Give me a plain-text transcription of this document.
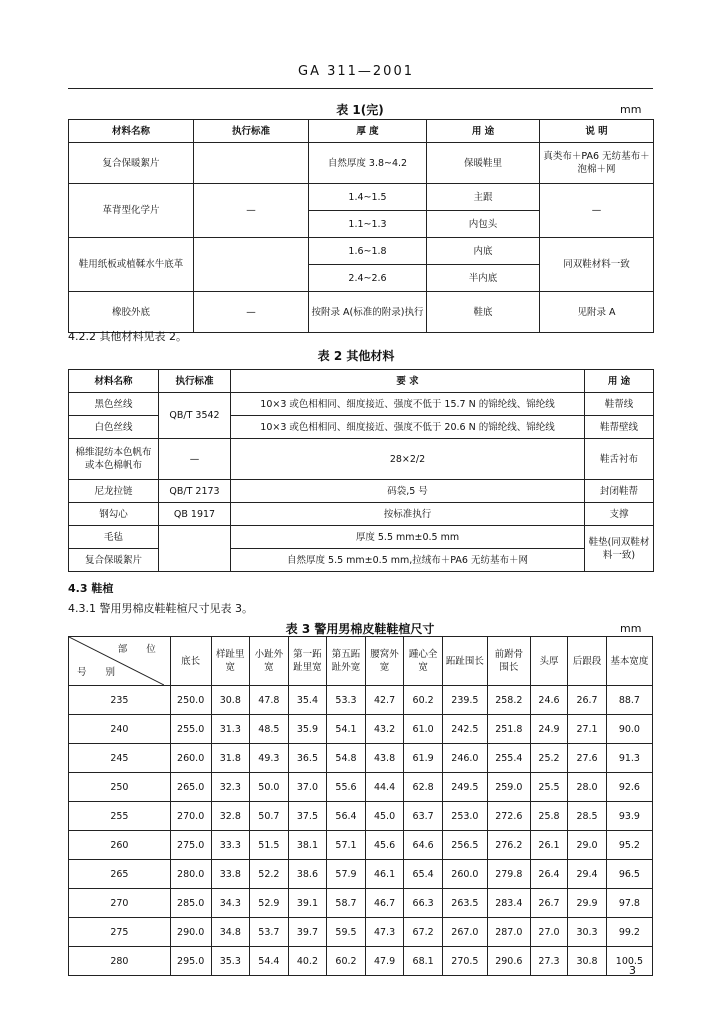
GA 311—2001
表 1(完)	mm
材料名称	执行标准	厚 度	用 途	说 明
复合保暖絮片		自然厚度 3.8~4.2	保暖鞋里	真类布＋PA6 无纺基布＋泡棉＋网
革背型化学片	—	1.4~1.5	主跟	—
		1.1~1.3	内包头	
鞋用纸板或植鞣水牛底革		1.6~1.8	内底	同双鞋材料一致
		2.4~2.6	半内底	
橡胶外底	—	按附录 A(标准的附录)执行	鞋底	见附录 A
4.2.2 其他材料见表 2。
表 2 其他材料
材料名称	执行标准	要 求	用 途
黑色丝线	QB/T 3542	10×3 或色相相同、细度接近、强度不低于 15.7 N 的锦纶线、锦纶线	鞋帮线
白色丝线		10×3 或色相相同、细度接近、强度不低于 20.6 N 的锦纶线、锦纶线	鞋帮壁线
棉维混纺本色帆布或本色棉帆布	—	28×2/2	鞋舌衬布
尼龙拉链	QB/T 2173	码袋,5 号	封闭鞋帮
钢勾心	QB 1917	按标准执行	支撑
毛毡		厚度 5.5 mm±0.5 mm	鞋垫(同双鞋材料一致)
复合保暖絮片		自然厚度 5.5 mm±0.5 mm,拉绒布＋PA6 无纺基布＋网	
4.3 鞋楦
4.3.1 警用男棉皮鞋鞋楦尺寸见表 3。
表 3 警用男棉皮鞋鞋楦尺寸	mm
部 位
号 别	底长	样趾里宽	小趾外宽	第一跖趾里宽	第五跖趾外宽	腰窝外宽	踵心全宽	跖趾围长	前跗骨围长	头厚	后跟段	基本宽度
235	250.0	30.8	47.8	35.4	53.3	42.7	60.2	239.5	258.2	24.6	26.7	88.7
240	255.0	31.3	48.5	35.9	54.1	43.2	61.0	242.5	251.8	24.9	27.1	90.0
245	260.0	31.8	49.3	36.5	54.8	43.8	61.9	246.0	255.4	25.2	27.6	91.3
250	265.0	32.3	50.0	37.0	55.6	44.4	62.8	249.5	259.0	25.5	28.0	92.6
255	270.0	32.8	50.7	37.5	56.4	45.0	63.7	253.0	272.6	25.8	28.5	93.9
260	275.0	33.3	51.5	38.1	57.1	45.6	64.6	256.5	276.2	26.1	29.0	95.2
265	280.0	33.8	52.2	38.6	57.9	46.1	65.4	260.0	279.8	26.4	29.4	96.5
270	285.0	34.3	52.9	39.1	58.7	46.7	66.3	263.5	283.4	26.7	29.9	97.8
275	290.0	34.8	53.7	39.7	59.5	47.3	67.2	267.0	287.0	27.0	30.3	99.2
280	295.0	35.3	54.4	40.2	60.2	47.9	68.1	270.5	290.6	27.3	30.8	100.5
3
